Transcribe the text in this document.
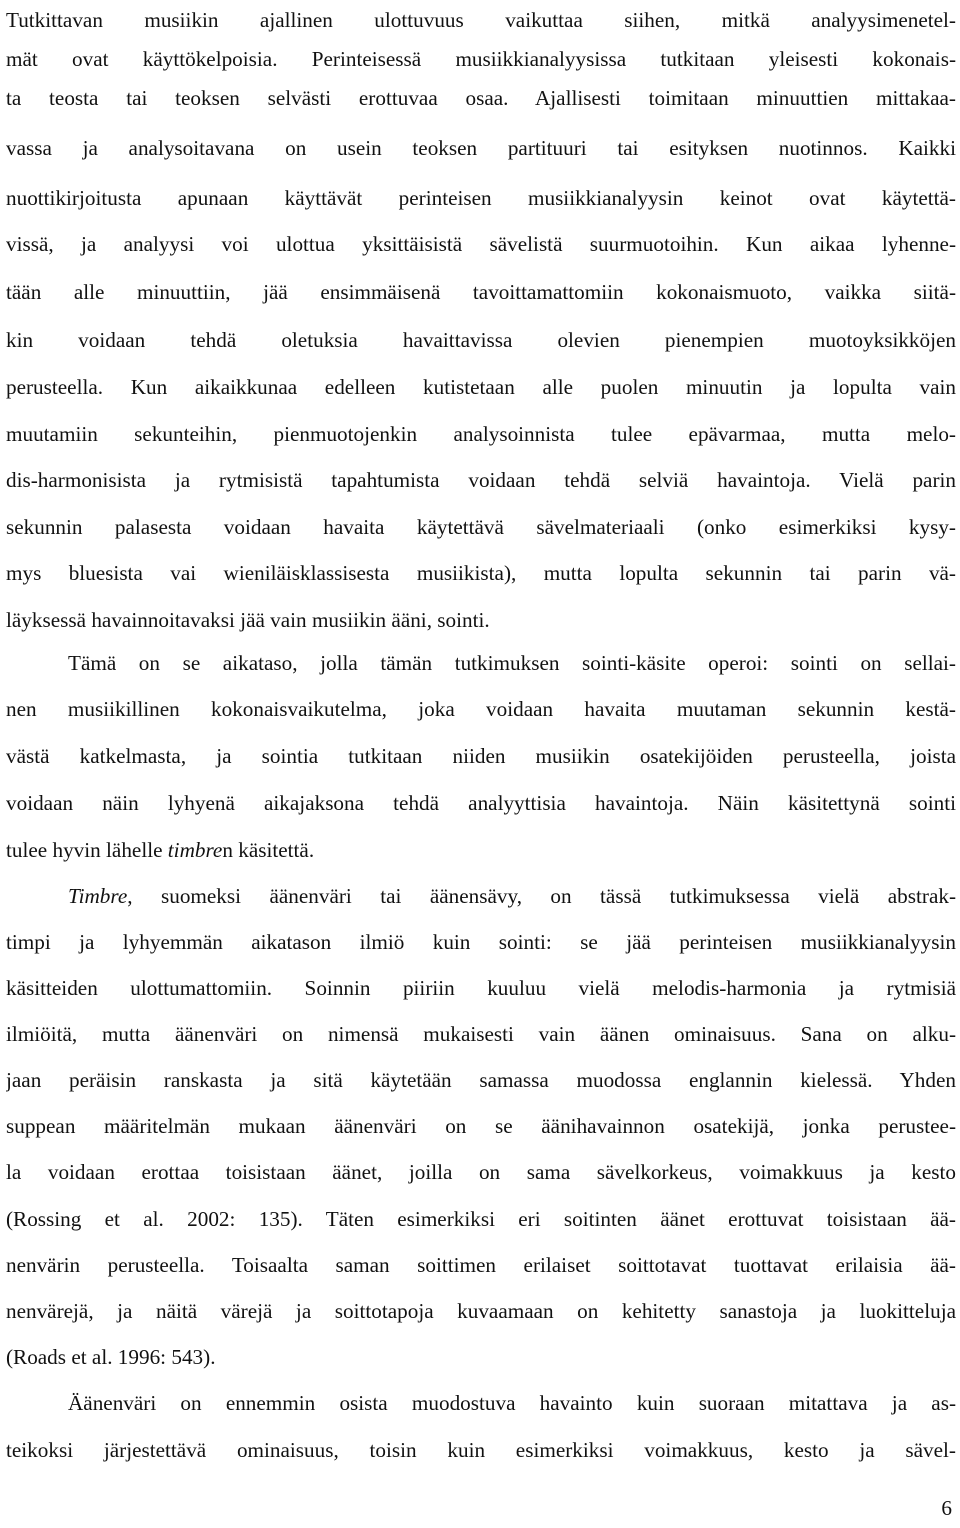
Tutkittavan musiikin ajallinen ulottuvuus vaikuttaa siihen, mitkä analyysimenetel-
mät ovat käyttökelpoisia. Perinteisessä musiikkianalyysissa tutkitaan yleisesti kokonais-
ta teosta tai teoksen selvästi erottuvaa osaa. Ajallisesti toimitaan minuuttien mittakaa-
vassa ja analysoitavana on usein teoksen partituuri tai esityksen nuotinnos. Kaikki
nuottikirjoitusta apunaan käyttävät perinteisen musiikkianalyysin keinot ovat käytettä-
vissä, ja analyysi voi ulottua yksittäisistä sävelistä suurmuotoihin. Kun aikaa lyhenne-
tään alle minuuttiin, jää ensimmäisenä tavoittamattomiin kokonaismuoto, vaikka siitä-
kin voidaan tehdä oletuksia havaittavissa olevien pienempien muotoyksikköjen
perusteella. Kun aikaikkunaa edelleen kutistetaan alle puolen minuutin ja lopulta vain
muutamiin sekunteihin, pienmuotojenkin analysoinnista tulee epävarmaa, mutta melo-
dis-harmonisista ja rytmisistä tapahtumista voidaan tehdä selviä havaintoja. Vielä parin
sekunnin palasesta voidaan havaita käytettävä sävelmateriaali (onko esimerkiksi kysy-
mys bluesista vai wieniläisklassisesta musiikista), mutta lopulta sekunnin tai parin vä-
läyksessä havainnoitavaksi jää vain musiikin ääni, sointi.
Tämä on se aikataso, jolla tämän tutkimuksen sointi-käsite operoi: sointi on sellai-
nen musiikillinen kokonaisvaikutelma, joka voidaan havaita muutaman sekunnin kestä-
västä katkelmasta, ja sointia tutkitaan niiden musiikin osatekijöiden perusteella, joista
voidaan näin lyhyenä aikajaksona tehdä analyyttisia havaintoja. Näin käsitettynä sointi
tulee hyvin lähelle timbren käsitettä.
Timbre, suomeksi äänenväri tai äänensävy, on tässä tutkimuksessa vielä abstrak-
timpi ja lyhyemmän aikatason ilmiö kuin sointi: se jää perinteisen musiikkianalyysin
käsitteiden ulottumattomiin. Soinnin piiriin kuuluu vielä melodis-harmonia ja rytmisiä
ilmiöitä, mutta äänenväri on nimensä mukaisesti vain äänen ominaisuus. Sana on alku-
jaan peräisin ranskasta ja sitä käytetään samassa muodossa englannin kielessä. Yhden
suppean määritelmän mukaan äänenväri on se äänihavainnon osatekijä, jonka perustee-
la voidaan erottaa toisistaan äänet, joilla on sama sävelkorkeus, voimakkuus ja kesto
(Rossing et al. 2002: 135). Täten esimerkiksi eri soitinten äänet erottuvat toisistaan ää-
nenvärin perusteella. Toisaalta saman soittimen erilaiset soittotavat tuottavat erilaisia ää-
nenvärejä, ja näitä värejä ja soittotapoja kuvaamaan on kehitetty sanastoja ja luokitteluja
(Roads et al. 1996: 543).
Äänenväri on ennemmin osista muodostuva havainto kuin suoraan mitattava ja as-
teikoksi järjestettävä ominaisuus, toisin kuin esimerkiksi voimakkuus, kesto ja sävel-
6
